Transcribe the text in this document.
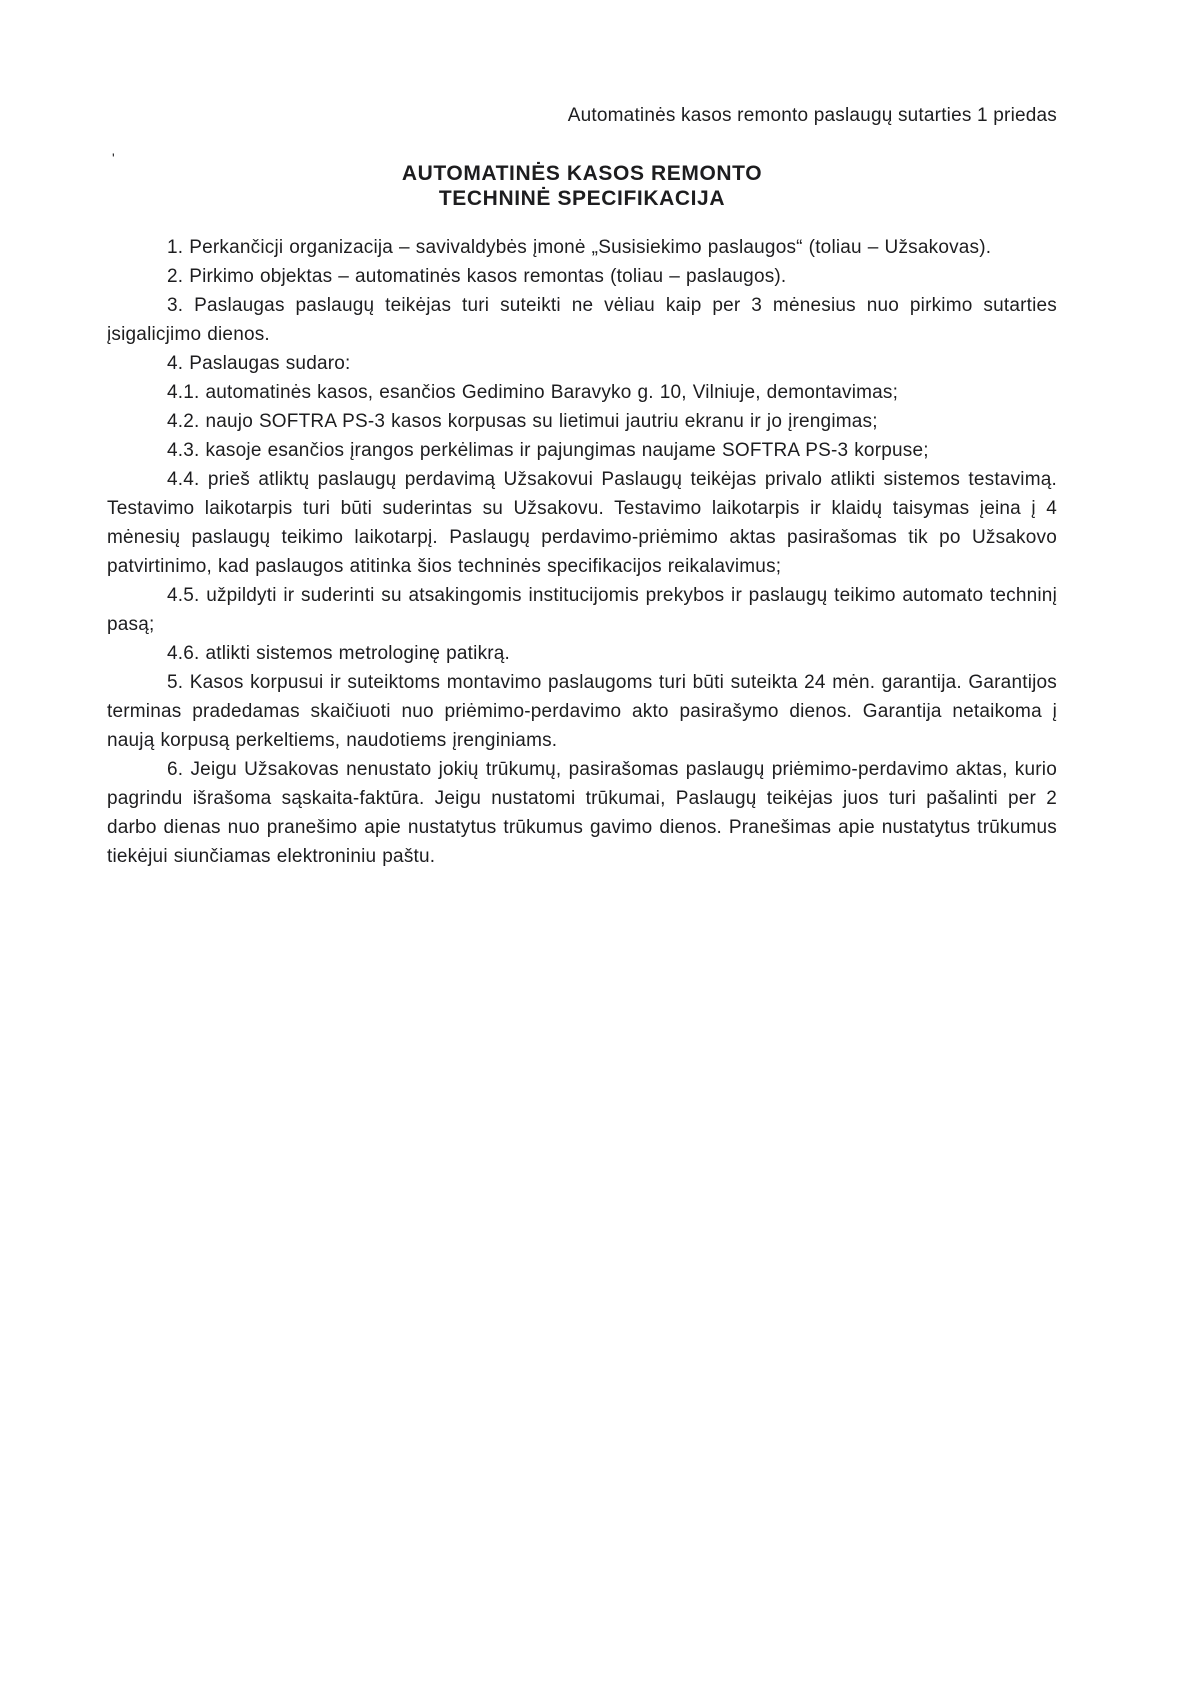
'

Automatinės kasos remonto paslaugų sutarties 1 priedas

AUTOMATINĖS KASOS REMONTO
TECHNINĖ SPECIFIKACIJA

1. Perkančicji organizacija – savivaldybės įmonė „Susisiekimo paslaugos“ (toliau – Užsakovas).

2. Pirkimo objektas – automatinės kasos remontas (toliau – paslaugos).

3. Paslaugas paslaugų teikėjas turi suteikti ne vėliau kaip per 3 mėnesius nuo pirkimo sutarties įsigalicjimo dienos.

4. Paslaugas sudaro:

4.1. automatinės kasos, esančios Gedimino Baravyko g. 10, Vilniuje, demontavimas;

4.2. naujo SOFTRA PS-3 kasos korpusas su lietimui jautriu ekranu ir jo įrengimas;

4.3. kasoje esančios įrangos perkėlimas ir pajungimas naujame SOFTRA PS-3 korpuse;

4.4. prieš atliktų paslaugų perdavimą Užsakovui Paslaugų teikėjas privalo atlikti sistemos testavimą. Testavimo laikotarpis turi būti suderintas su Užsakovu. Testavimo laikotarpis ir klaidų taisymas įeina į 4 mėnesių paslaugų teikimo laikotarpį. Paslaugų perdavimo-priėmimo aktas pasirašomas tik po Užsakovo patvirtinimo, kad paslaugos atitinka šios techninės specifikacijos reikalavimus;

4.5. užpildyti ir suderinti su atsakingomis institucijomis prekybos ir paslaugų teikimo automato techninį pasą;

4.6. atlikti sistemos metrologinę patikrą.

5. Kasos korpusui ir suteiktoms montavimo paslaugoms turi būti suteikta 24 mėn. garantija. Garantijos terminas pradedamas skaičiuoti nuo priėmimo-perdavimo akto pasirašymo dienos. Garantija netaikoma į naują korpusą perkeltiems, naudotiems įrenginiams.

6. Jeigu Užsakovas nenustato jokių trūkumų, pasirašomas paslaugų priėmimo-perdavimo aktas, kurio pagrindu išrašoma sąskaita-faktūra. Jeigu nustatomi trūkumai, Paslaugų teikėjas juos turi pašalinti per 2 darbo dienas nuo pranešimo apie nustatytus trūkumus gavimo dienos. Pranešimas apie nustatytus trūkumus tiekėjui siunčiamas elektroniniu paštu.
